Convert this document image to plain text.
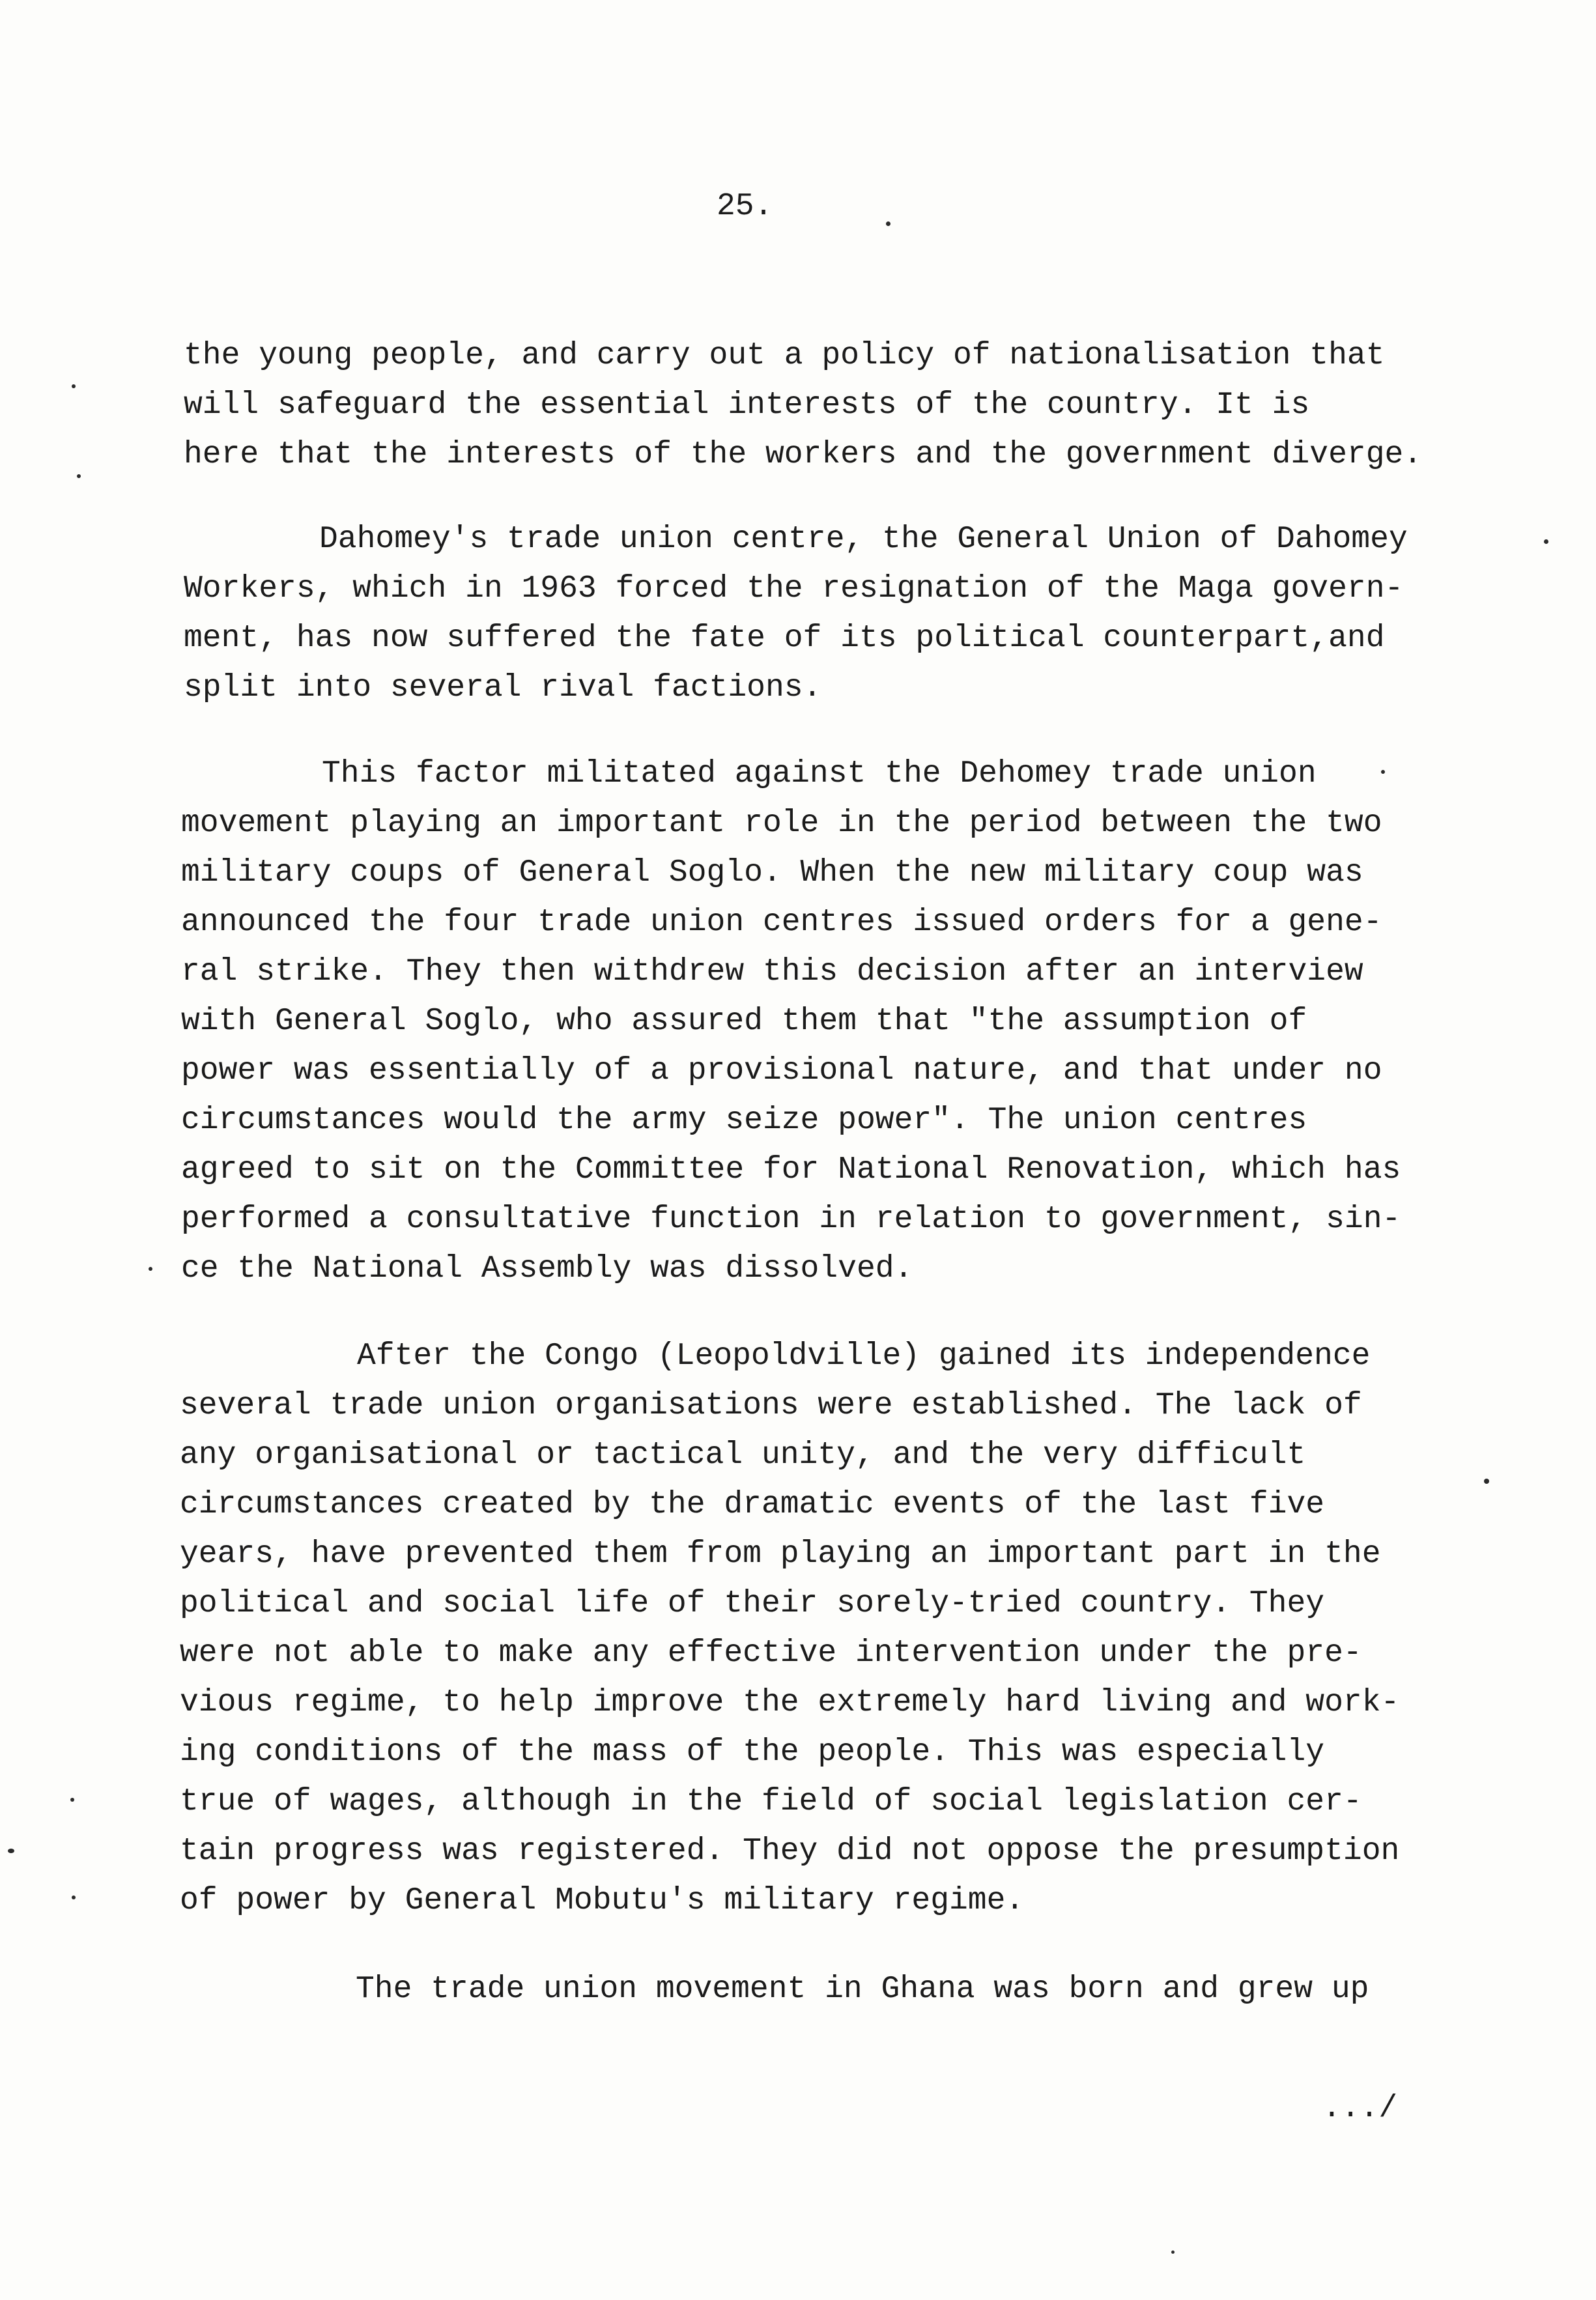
25.
the young people, and carry out a policy of nationalisation that
will safeguard the essential interests of the country. It is
here that the interests of the workers and the government diverge.
Dahomey's trade union centre, the General Union of Dahomey
Workers, which in 1963 forced the resignation of the Maga govern-
ment, has now suffered the fate of its political counterpart,and
split into several rival factions.
This factor militated against the Dehomey trade union
movement playing an important role in the period between the two
military coups of General Soglo. When the new military coup was
announced the four trade union centres issued orders for a gene-
ral strike. They then withdrew this decision after an interview
with General Soglo, who assured them that "the assumption of
power was essentially of a provisional nature, and that under no
circumstances would the army seize power". The union centres
agreed to sit on the Committee for National Renovation, which has
performed a consultative function in relation to government, sin-
ce the National Assembly was dissolved.
After the Congo (Leopoldville) gained its independence
several trade union organisations were established. The lack of
any organisational or tactical unity, and the very difficult
circumstances created by the dramatic events of the last five
years, have prevented them from playing an important part in the
political and social life of their sorely-tried country. They
were not able to make any effective intervention under the pre-
vious regime, to help improve the extremely hard living and work-
ing conditions of the mass of the people. This was especially
true of wages, although in the field of social legislation cer-
tain progress was registered. They did not oppose the presumption
of power by General Mobutu's military regime.
The trade union movement in Ghana was born and grew up
.../
